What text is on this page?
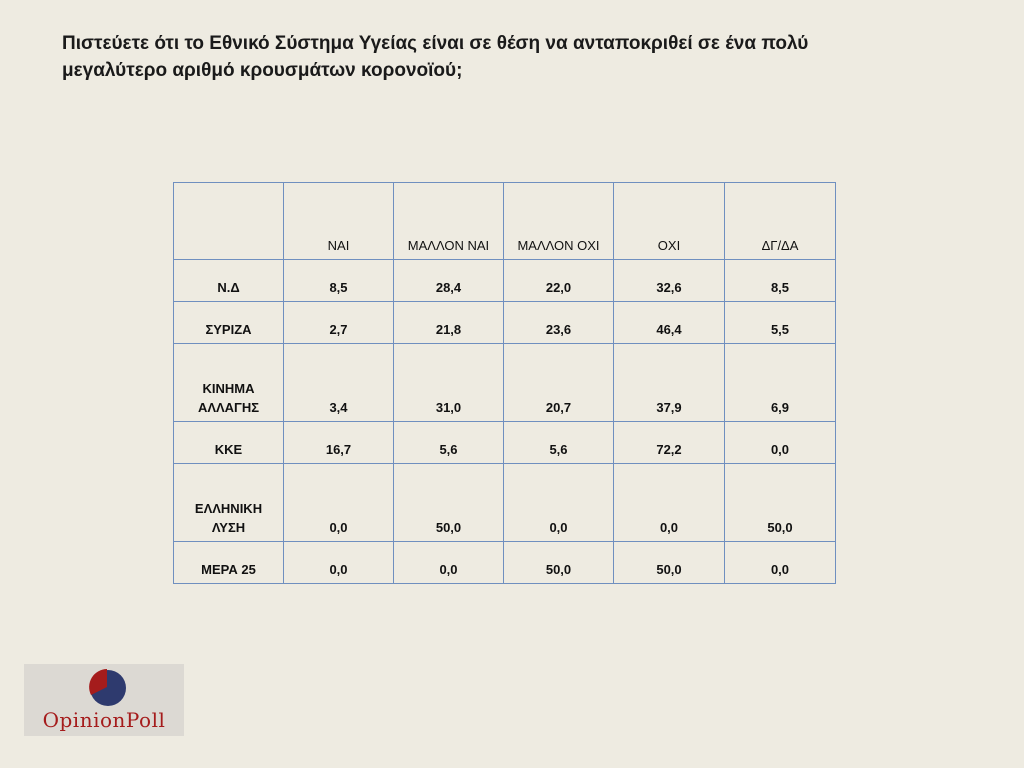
Πιστεύετε ότι το Εθνικό Σύστημα Υγείας είναι σε θέση να ανταποκριθεί σε ένα πολύ
μεγαλύτερο αριθμό κρουσμάτων κορονοϊού;
	ΝΑΙ	ΜΑΛΛΟΝ ΝΑΙ	ΜΑΛΛΟΝ ΟΧΙ	ΟΧΙ	ΔΓ/ΔΑ
Ν.Δ	8,5	28,4	22,0	32,6	8,5
ΣΥΡΙΖΑ	2,7	21,8	23,6	46,4	5,5
ΚΙΝΗΜΑ ΑΛΛΑΓΗΣ	3,4	31,0	20,7	37,9	6,9
ΚΚΕ	16,7	5,6	5,6	72,2	0,0
ΕΛΛΗΝΙΚΗ ΛΥΣΗ	0,0	50,0	0,0	0,0	50,0
ΜΕΡΑ 25	0,0	0,0	50,0	50,0	0,0
OpinionPoll
